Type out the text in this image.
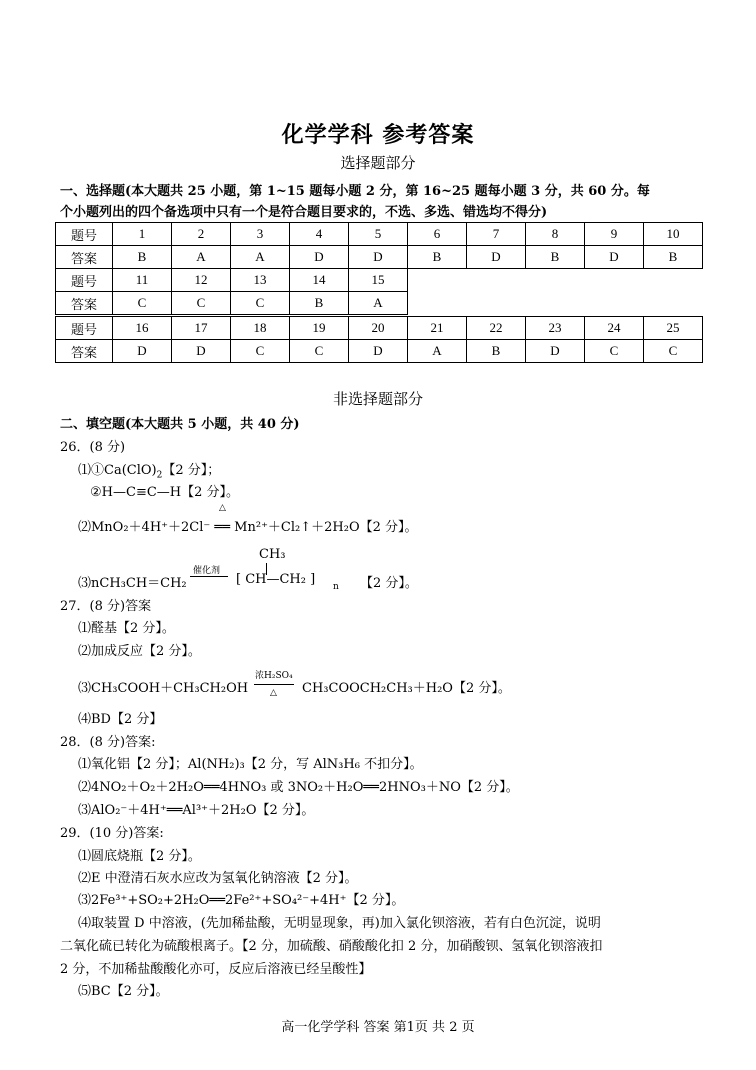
化学学科 参考答案
选择题部分
一、选择题(本大题共 25 小题，第 1~15 题每小题 2 分，第 16~25 题每小题 3 分，共 60 分。每
个小题列出的四个备选项中只有一个是符合题目要求的，不选、多选、错选均不得分)
题号	1	2	3	4	5	6	7	8	9	10
答案	B	A	A	D	D	B	D	B	D	B
题号	11	12	13	14	15
答案	C	C	C	B	A
题号	16	17	18	19	20	21	22	23	24	25
答案	D	D	C	C	D	A	B	D	C	C
非选择题部分
二、填空题(本大题共 5 小题，共 40 分)
26．(8 分)
$⑴①Ca(ClO)_2$【2 分】；
②H—C≡C—H【2 分】。
△
⑵MnO₂＋4H⁺＋2Cl⁻ ══ Mn²⁺＋Cl₂↑＋2H₂O【2 分】。
CH₃
催化剂
⑶nCH₃CH＝CH₂	[ CH—CH₂ ] n 【2 分】。
27．(8 分)答案
⑴醛基【2 分】。
⑵加成反应【2 分】。
浓H₂SO₄
△
⑶CH₃COOH＋CH₃CH₂OH	CH₃COOCH₂CH₃＋H₂O【2 分】。
⑷BD【2 分】
28．(8 分)答案:
⑴氧化铝【2 分】；Al(NH₂)₃【2 分，写 AlN₃H₆ 不扣分】。
⑵4NO₂＋O₂＋2H₂O══4HNO₃ 或 3NO₂＋H₂O══2HNO₃＋NO【2 分】。
⑶AlO₂⁻＋4H⁺══Al³⁺＋2H₂O【2 分】。
29．(10 分)答案:
⑴圆底烧瓶【2 分】。
⑵E 中澄清石灰水应改为氢氧化钠溶液【2 分】。
⑶2Fe³⁺+SO₂+2H₂O══2Fe²⁺+SO₄²⁻+4H⁺【2 分】。
⑷取装置 D 中溶液，(先加稀盐酸，无明显现象，再)加入氯化钡溶液，若有白色沉淀，说明
二氧化硫已转化为硫酸根离子。【2 分，加硫酸、硝酸酸化扣 2 分，加硝酸钡、氢氧化钡溶液扣
2 分，不加稀盐酸酸化亦可，反应后溶液已经呈酸性】
⑸BC【2 分】。
高一化学学科 答案 第1页 共 2 页
